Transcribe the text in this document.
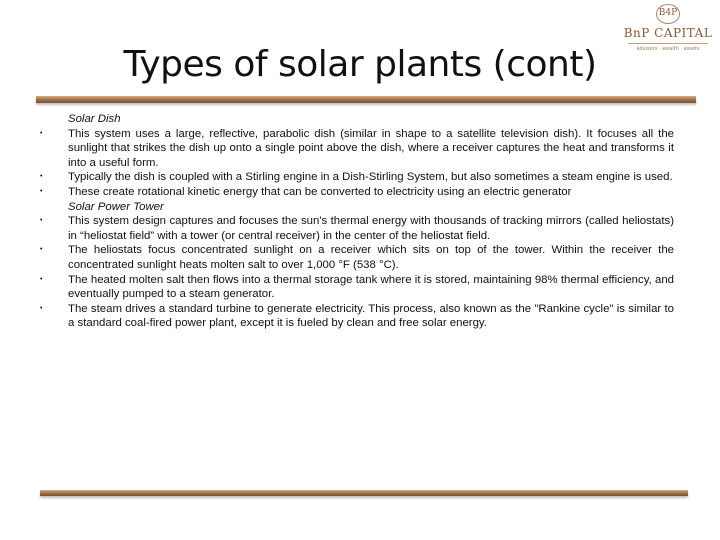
Types of solar plants (cont)
B4P
BnP CAPITAL
advisors · wealth · assets
Solar Dish
•	This system uses a large, reflective, parabolic dish (similar in shape to a satellite television dish). It focuses all the sunlight that strikes the dish up onto a single point above the dish, where a receiver captures the heat and transforms it into a useful form.
•	Typically the dish is coupled with a Stirling engine in a Dish-Stirling System, but also sometimes a steam engine is used.
•	These create rotational kinetic energy that can be converted to electricity using an electric generator
Solar Power Tower
•	This system design captures and focuses the sun's thermal energy with thousands of tracking mirrors (called heliostats) in “heliostat field” with a tower (or central receiver) in the center of the heliostat field.
•	The heliostats focus concentrated sunlight on a receiver which sits on top of the tower. Within the receiver the concentrated sunlight heats molten salt to over 1,000 °F (538 °C).
•	The heated molten salt then flows into a thermal storage tank where it is stored, maintaining 98% thermal efficiency, and eventually pumped to a steam generator.
•	The steam drives a standard turbine to generate electricity. This process, also known as the "Rankine cycle" is similar to a standard coal-fired power plant, except it is fueled by clean and free solar energy.
